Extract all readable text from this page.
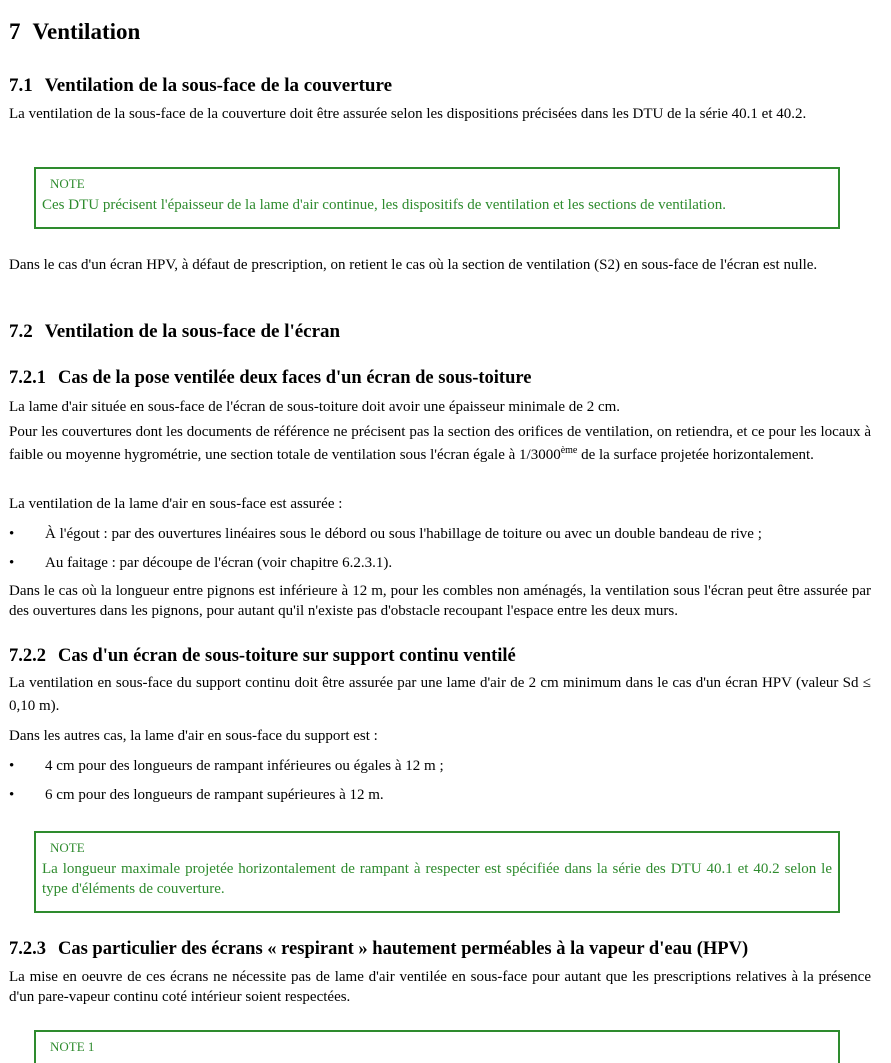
7 Ventilation
7.1 Ventilation de la sous-face de la couverture

La ventilation de la sous-face de la couverture doit être assurée selon les dispositions précisées dans les DTU de la série 40.1 et 40.2.

NOTE
Ces DTU précisent l'épaisseur de la lame d'air continue, les dispositifs de ventilation et les sections de ventilation.

Dans le cas d'un écran HPV, à défaut de prescription, on retient le cas où la section de ventilation (S2) en sous-face de l'écran est nulle.

7.2 Ventilation de la sous-face de l'écran
7.2.1 Cas de la pose ventilée deux faces d'un écran de sous-toiture

La lame d'air située en sous-face de l'écran de sous-toiture doit avoir une épaisseur minimale de 2 cm.

Pour les couvertures dont les documents de référence ne précisent pas la section des orifices de ventilation, on retiendra, et ce pour les locaux à faible ou moyenne hygrométrie, une section totale de ventilation sous l'écran égale à 1/3000ème de la surface projetée horizontalement.

La ventilation de la lame d'air en sous-face est assurée :

• À l'égout : par des ouvertures linéaires sous le débord ou sous l'habillage de toiture ou avec un double bandeau de rive ;
• Au faitage : par découpe de l'écran (voir chapitre 6.2.3.1).

Dans le cas où la longueur entre pignons est inférieure à 12 m, pour les combles non aménagés, la ventilation sous l'écran peut être assurée par des ouvertures dans les pignons, pour autant qu'il n'existe pas d'obstacle recoupant l'espace entre les deux murs.

7.2.2 Cas d'un écran de sous-toiture sur support continu ventilé

La ventilation en sous-face du support continu doit être assurée par une lame d'air de 2 cm minimum dans le cas d'un écran HPV (valeur Sd ≤ 0,10 m).

Dans les autres cas, la lame d'air en sous-face du support est :

• 4 cm pour des longueurs de rampant inférieures ou égales à 12 m ;
• 6 cm pour des longueurs de rampant supérieures à 12 m.
NOTE
La longueur maximale projetée horizontalement de rampant à respecter est spécifiée dans la série des DTU 40.1 et 40.2 selon le type d'éléments de couverture.
7.2.3 Cas particulier des écrans « respirant » hautement perméables à la vapeur d'eau (HPV)

La mise en oeuvre de ces écrans ne nécessite pas de lame d'air ventilée en sous-face pour autant que les prescriptions relatives à la présence d'un pare-vapeur continu coté intérieur soient respectées.

NOTE 1
